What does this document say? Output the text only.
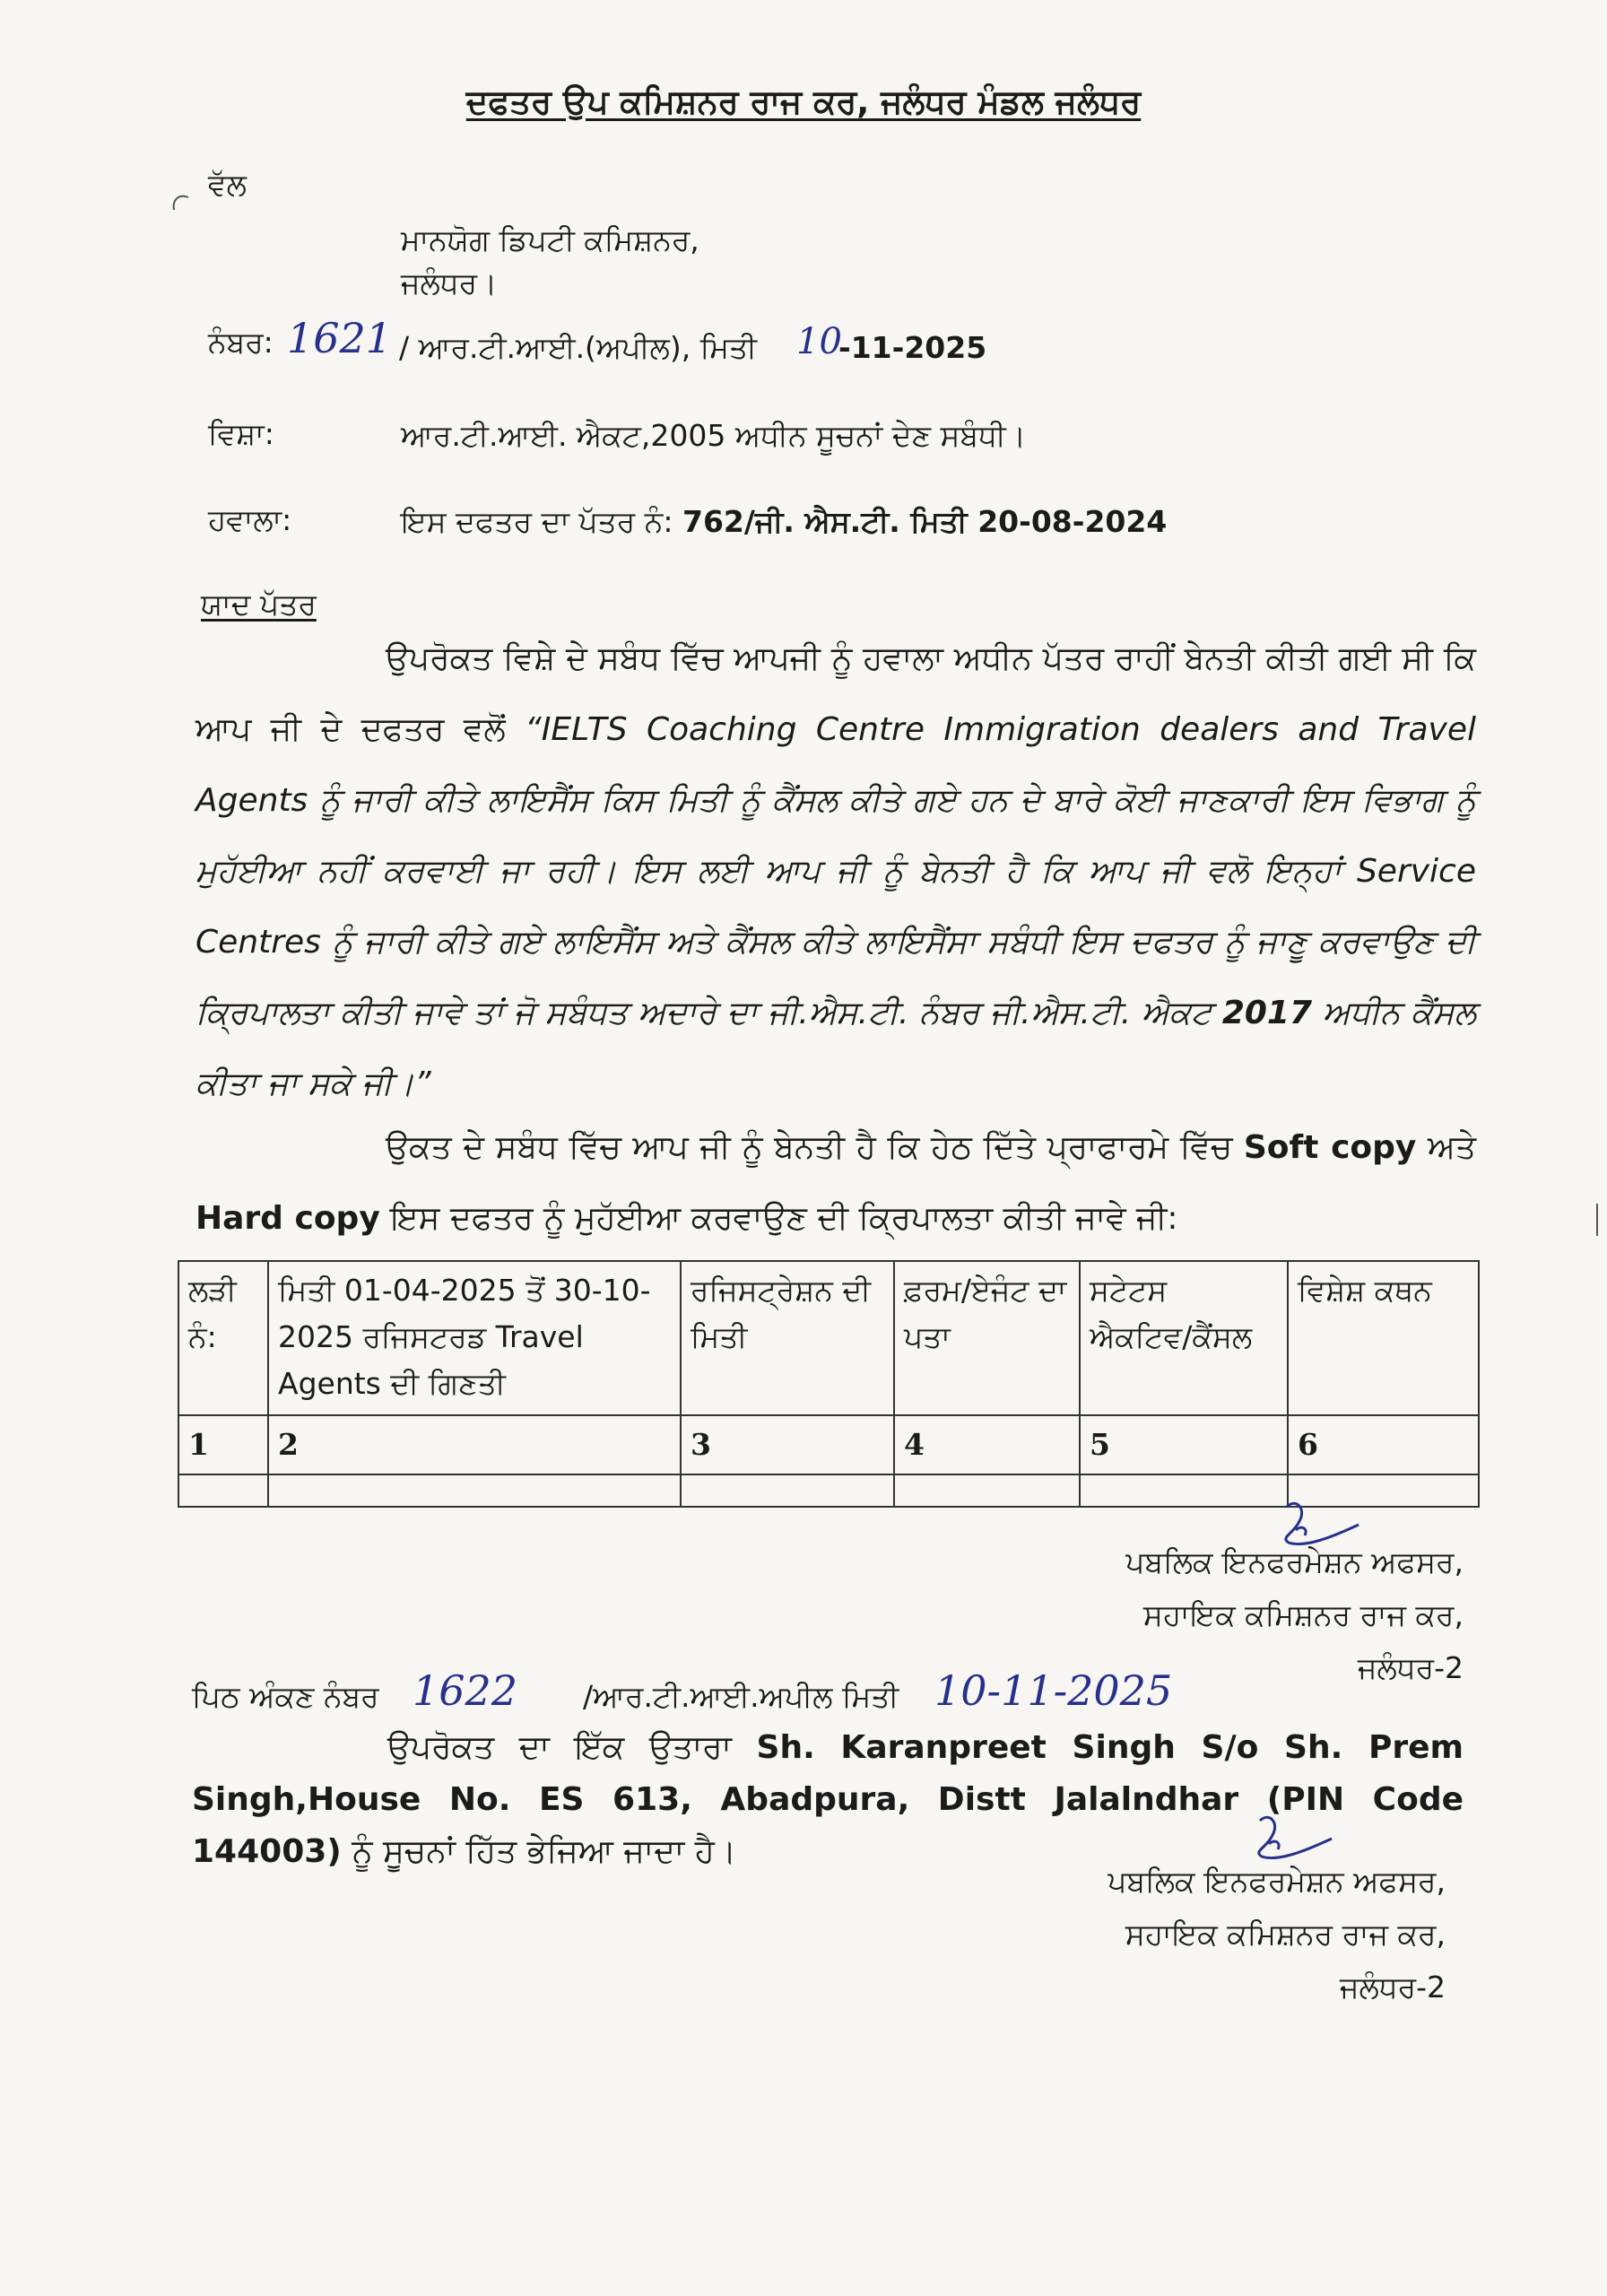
ਦਫਤਰ ਉਪ ਕਮਿਸ਼ਨਰ ਰਾਜ ਕਰ, ਜਲੰਧਰ ਮੰਡਲ ਜਲੰਧਰ
ਵੱਲ
ਮਾਨਯੋਗ ਡਿਪਟੀ ਕਮਿਸ਼ਨਰ,
ਜਲੰਧਰ।
ਨੰਬਰ: 1621 / ਆਰ.ਟੀ.ਆਈ.(ਅਪੀਲ), ਮਿਤੀ 10
-11-2025
ਵਿਸ਼ਾ:	ਆਰ.ਟੀ.ਆਈ. ਐਕਟ,2005 ਅਧੀਨ ਸੂਚਨਾਂ ਦੇਣ ਸਬੰਧੀ।
ਹਵਾਲਾ:	ਇਸ ਦਫਤਰ ਦਾ ਪੱਤਰ ਨੰ: 762/ਜੀ. ਐਸ.ਟੀ. ਮਿਤੀ 20-08-2024
ਯਾਦ ਪੱਤਰ
ਉਪਰੋਕਤ ਵਿਸ਼ੇ ਦੇ ਸਬੰਧ ਵਿੱਚ ਆਪਜੀ ਨੂੰ ਹਵਾਲਾ ਅਧੀਨ ਪੱਤਰ ਰਾਹੀਂ ਬੇਨਤੀ ਕੀਤੀ ਗਈ ਸੀ ਕਿ ਆਪ ਜੀ ਦੇ ਦਫਤਰ ਵਲੋਂ “IELTS Coaching Centre Immigration dealers and Travel Agents ਨੂੰ ਜਾਰੀ ਕੀਤੇ ਲਾਇਸੈਂਸ ਕਿਸ ਮਿਤੀ ਨੂੰ ਕੈਂਸਲ ਕੀਤੇ ਗਏ ਹਨ ਦੇ ਬਾਰੇ ਕੋਈ ਜਾਣਕਾਰੀ ਇਸ ਵਿਭਾਗ ਨੂੰ ਮੁਹੱਈਆ ਨਹੀਂ ਕਰਵਾਈ ਜਾ ਰਹੀ। ਇਸ ਲਈ ਆਪ ਜੀ ਨੂੰ ਬੇਨਤੀ ਹੈ ਕਿ ਆਪ ਜੀ ਵਲੋ ਇਨ੍ਹਾਂ Service Centres ਨੂੰ ਜਾਰੀ ਕੀਤੇ ਗਏ ਲਾਇਸੈਂਸ ਅਤੇ ਕੈਂਸਲ ਕੀਤੇ ਲਾਇਸੈਂਸਾ ਸਬੰਧੀ ਇਸ ਦਫਤਰ ਨੂੰ ਜਾਣੂ ਕਰਵਾਉਣ ਦੀ ਕ੍ਰਿਪਾਲਤਾ ਕੀਤੀ ਜਾਵੇ ਤਾਂ ਜੋ ਸਬੰਧਤ ਅਦਾਰੇ ਦਾ ਜੀ.ਐਸ.ਟੀ. ਨੰਬਰ ਜੀ.ਐਸ.ਟੀ. ਐਕਟ 2017 ਅਧੀਨ ਕੈਂਸਲ ਕੀਤਾ ਜਾ ਸਕੇ ਜੀ।”
ਉਕਤ ਦੇ ਸਬੰਧ ਵਿੱਚ ਆਪ ਜੀ ਨੂੰ ਬੇਨਤੀ ਹੈ ਕਿ ਹੇਠ ਦਿੱਤੇ ਪ੍ਰਾਫਾਰਮੇ ਵਿੱਚ Soft copy ਅਤੇ Hard copy ਇਸ ਦਫਤਰ ਨੂੰ ਮੁਹੱਈਆ ਕਰਵਾਉਣ ਦੀ ਕ੍ਰਿਪਾਲਤਾ ਕੀਤੀ ਜਾਵੇ ਜੀ:
ਲੜੀ ਨੰ:	ਮਿਤੀ 01-04-2025 ਤੋਂ 30-10-2025 ਰਜਿਸਟਰਡ Travel Agents ਦੀ ਗਿਣਤੀ	ਰਜਿਸਟ੍ਰੇਸ਼ਨ ਦੀ ਮਿਤੀ	ਫ਼ਰਮ/ਏਜੰਟ ਦਾ ਪਤਾ	ਸਟੇਟਸ ਐਕਟਿਵ/ਕੈਂਸਲ	ਵਿਸ਼ੇਸ਼ ਕਥਨ
1	2	3	4	5	6

ਪਬਲਿਕ ਇਨਫਰਮੇਸ਼ਨ ਅਫਸਰ,
ਸਹਾਇਕ ਕਮਿਸ਼ਨਰ ਰਾਜ ਕਰ,
ਜਲੰਧਰ-2
ਪਿਠ ਅੰਕਣ ਨੰਬਰ 1622 /ਆਰ.ਟੀ.ਆਈ.ਅਪੀਲ ਮਿਤੀ 10-11-2025
ਉਪਰੋਕਤ ਦਾ ਇੱਕ ਉਤਾਰਾ Sh. Karanpreet Singh S/o Sh. Prem Singh,House No. ES 613, Abadpura, Distt Jalalndhar (PIN Code 144003) ਨੂੰ ਸੂਚਨਾਂ ਹਿੱਤ ਭੇਜਿਆ ਜਾਦਾ ਹੈ।
ਪਬਲਿਕ ਇਨਫਰਮੇਸ਼ਨ ਅਫਸਰ,
ਸਹਾਇਕ ਕਮਿਸ਼ਨਰ ਰਾਜ ਕਰ,
ਜਲੰਧਰ-2
